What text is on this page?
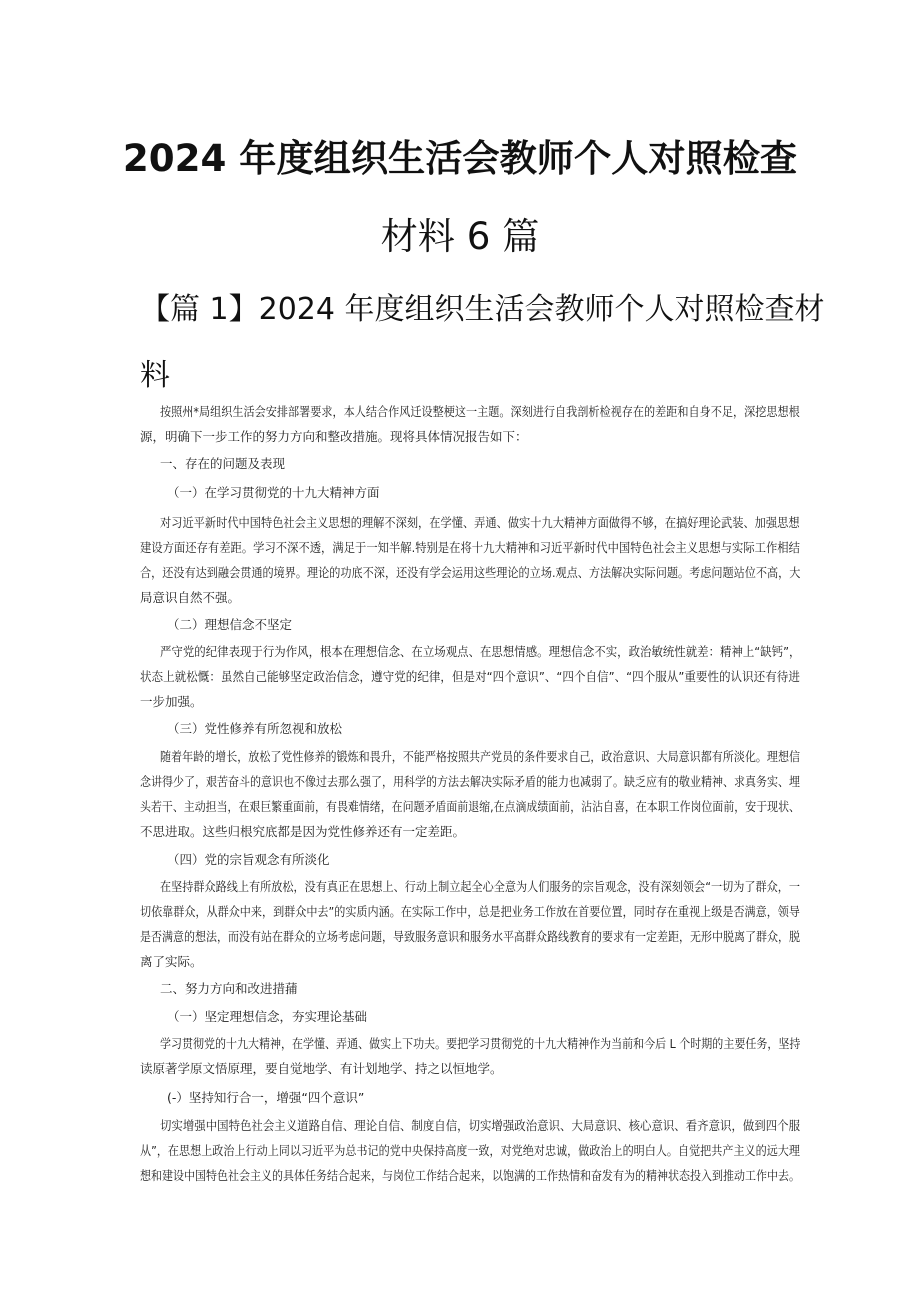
2024 年度组织生活会教师个人对照检查
材料 6 篇
【篇 1】2024 年度组织生活会教师个人对照检查材
料
按照州*局组织生活会安排部署要求，本人结合作风迁设整梗这一主题。深刻进行自我剖析检视存在的差距和自身不足，深挖思想根
源，明确下一步工作的努力方向和整改措施。现将具体情况报告如下：
一、存在的问题及表现
（一）在学习贯彻党的十九大精神方面
对习近平新时代中国特色社会主义思想的理解不深刻，在学懂、弄通、做实十九大精神方面做得不够，在搞好理论武装、加强思想
建设方面还存有差距。学习不深不透，满足于一知半解.特别是在将十九大精神和习近平新时代中国特色社会主义思想与实际工作相结
合，还没有达到融会贯通的境界。理论的功底不深，还没有学会运用这些理论的立场.观点、方法解决实际问题。考虑问题站位不高，大
局意识自然不强。
（二）理想信念不坚定
严守党的纪律表现于行为作风，根本在理想信念、在立场观点、在思想情感。理想信念不实，政治敏统性就差：精神上“缺钙”，
状态上就松慨：虽然自己能够坚定政治信念，遵守党的纪律，但是对“四个意识”、“四个自信”、“四个服从”重要性的认识还有待进
一步加强。
（三）党性修养有所忽视和放松
随着年龄的增长，放松了党性修养的锻炼和畏升，不能严格按照共产党员的条件要求自己，政治意识、大局意识都有所淡化。理想信
念讲得少了，艰苦奋斗的意识也不像过去那么强了，用科学的方法去解决实际矛盾的能力也减弱了。缺乏应有的敬业精神、求真务实、埋
头若干、主动担当，在艰巨繁重面前，有畏难情绪，在问题矛盾面前退缩,在点滴成绩面前，沾沾自喜，在本职工作岗位面前，安于现状、
不思进取。这些归根究底都是因为党性修养还有一定差距。
（四）党的宗旨观念有所淡化
在坚持群众路线上有所放松，没有真正在思想上、行动上制立起全心全意为人们服务的宗旨观念，没有深刻领会“一切为了群众，一
切依靠群众，从群众中来，到群众中去”的实质内涵。在实际工作中，总是把业务工作放在首要位置，同时存在重视上级是否满意，领导
是否满意的想法，而没有站在群众的立场考虑问题，导致服务意识和服务水平高群众路线教育的要求有一定差距，无形中脱离了群众，脱
离了实际。
二、努力方向和改进措蒱
（一）坚定理想信念，夯实理论基础
学习贯彻党的十九大精神，在学懂、弄通、做实上下功夫。要把学习贯彻党的十九大精神作为当前和今后 L 个时期的主要任务，坚持
读原著学原文悟原理，要自觉地学、有计划地学、持之以恒地学。
(-）坚持知行合一，增强“四个意识”
切实增强中国特色社会主义道路自信、理论自信、制度自信，切实增强政治意识、大局意识、核心意识、看齐意识，做到四个服
从”，在思想上政治上行动上同以习近平为总书记的党中央保持高度一致，对党绝对忠诚，做政治上的明白人。自觉把共产主义的远大理
想和建设中国特色社会主义的具体任务结合起来，与岗位工作结合起来，以饱满的工作热情和奋发有为的精神状态投入到推动工作中去。
